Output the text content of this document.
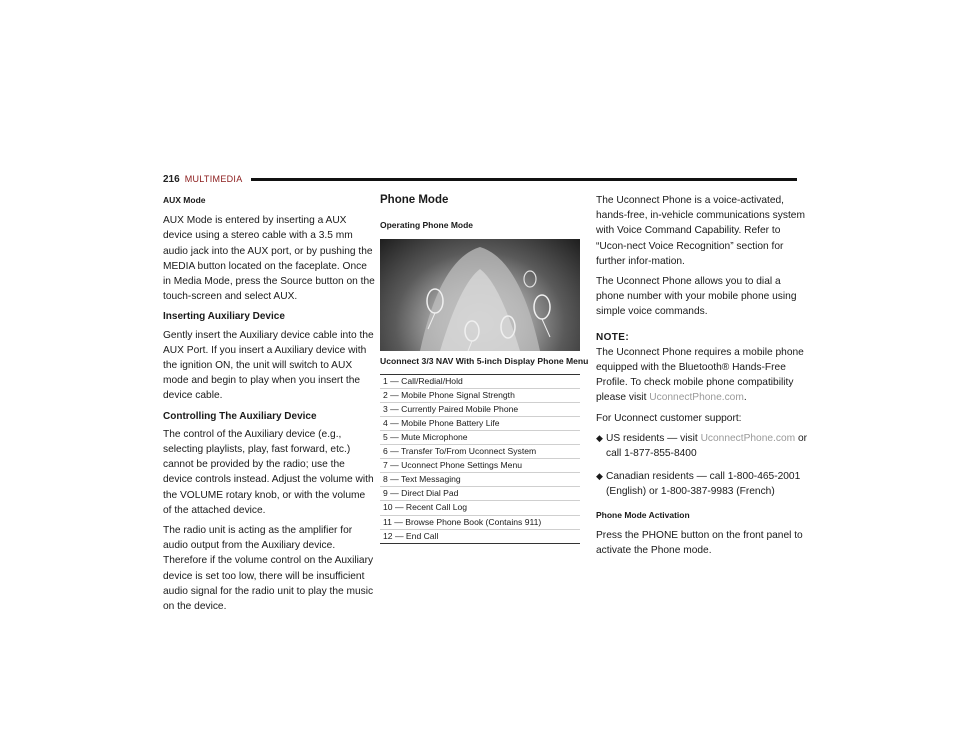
216 MULTIMEDIA
AUX Mode

AUX Mode is entered by inserting a AUX device using a stereo cable with a 3.5 mm audio jack into the AUX port, or by pushing the MEDIA button located on the faceplate. Once in Media Mode, press the Source button on the touch-screen and select AUX.

Inserting Auxiliary Device

Gently insert the Auxiliary device cable into the AUX Port. If you insert a Auxiliary device with the ignition ON, the unit will switch to AUX mode and begin to play when you insert the device cable.

Controlling The Auxiliary Device

The control of the Auxiliary device (e.g., selecting playlists, play, fast forward, etc.) cannot be provided by the radio; use the device controls instead. Adjust the volume with the VOLUME rotary knob, or with the volume of the attached device.

The radio unit is acting as the amplifier for audio output from the Auxiliary device. Therefore if the volume control on the Auxiliary device is set too low, there will be insufficient audio signal for the radio unit to play the music on the device.

Phone Mode
Operating Phone Mode
Uconnect 3/3 NAV With 5-inch Display Phone Menu
1 — Call/Redial/Hold
2 — Mobile Phone Signal Strength
3 — Currently Paired Mobile Phone
4 — Mobile Phone Battery Life
5 — Mute Microphone
6 — Transfer To/From Uconnect System
7 — Uconnect Phone Settings Menu
8 — Text Messaging
9 — Direct Dial Pad
10 — Recent Call Log
11 — Browse Phone Book (Contains 911)
12 — End Call

The Uconnect Phone is a voice-activated, hands-free, in-vehicle communications system with Voice Command Capability. Refer to “Ucon-nect Voice Recognition” section for further infor-mation.

The Uconnect Phone allows you to dial a phone number with your mobile phone using simple voice commands.

NOTE:

The Uconnect Phone requires a mobile phone equipped with the Bluetooth® Hands-Free Profile. To check mobile phone compatibility please visit UconnectPhone.com.

For Uconnect customer support:

◆ US residents — visit UconnectPhone.com or call 1-877-855-8400
◆ Canadian residents — call 1-800-465-2001 (English) or 1-800-387-9983 (French)
Phone Mode Activation

Press the PHONE button on the front panel to activate the Phone mode.
